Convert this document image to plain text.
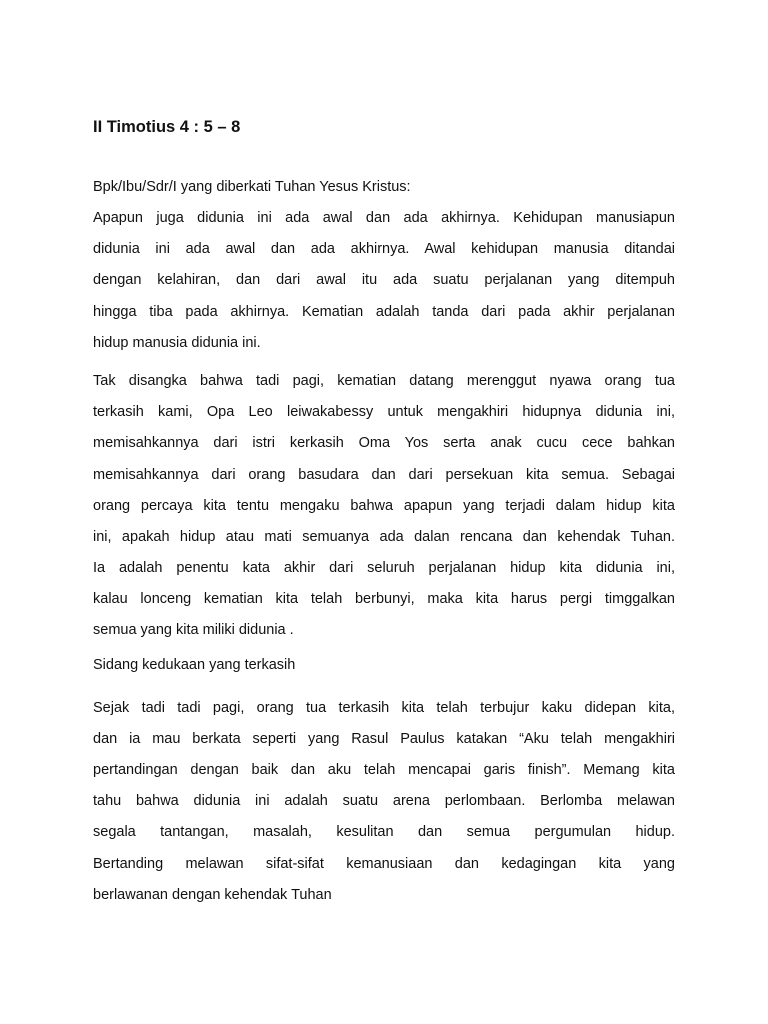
II Timotius 4 : 5 – 8
Bpk/Ibu/Sdr/I yang diberkati Tuhan Yesus Kristus:
Apapun juga didunia ini ada awal dan ada akhirnya. Kehidupan manusiapun
didunia ini ada awal dan ada akhirnya. Awal kehidupan manusia ditandai
dengan kelahiran, dan dari awal itu ada suatu perjalanan yang ditempuh
hingga tiba pada akhirnya. Kematian adalah tanda dari pada akhir perjalanan
hidup manusia didunia ini.
Tak disangka bahwa tadi pagi, kematian datang merenggut nyawa orang tua
terkasih kami, Opa Leo leiwakabessy untuk mengakhiri hidupnya didunia ini,
memisahkannya dari istri kerkasih Oma Yos serta anak cucu cece bahkan
memisahkannya dari orang basudara dan dari persekuan kita semua. Sebagai
orang percaya kita tentu mengaku bahwa apapun yang terjadi dalam hidup kita
ini, apakah hidup atau mati semuanya ada dalan rencana dan kehendak Tuhan.
Ia adalah penentu kata akhir dari seluruh perjalanan hidup kita didunia ini,
kalau lonceng kematian kita telah berbunyi, maka kita harus pergi timggalkan
semua yang kita miliki didunia .
Sidang kedukaan yang terkasih
Sejak tadi tadi pagi, orang tua terkasih kita telah terbujur kaku didepan kita,
dan ia mau berkata seperti yang Rasul Paulus katakan “Aku telah mengakhiri
pertandingan dengan baik dan aku telah mencapai garis finish”. Memang kita
tahu bahwa didunia ini adalah suatu arena perlombaan. Berlomba melawan
segala tantangan, masalah, kesulitan dan semua pergumulan hidup.
Bertanding melawan sifat-sifat kemanusiaan dan kedagingan kita yang
berlawanan dengan kehendak Tuhan
